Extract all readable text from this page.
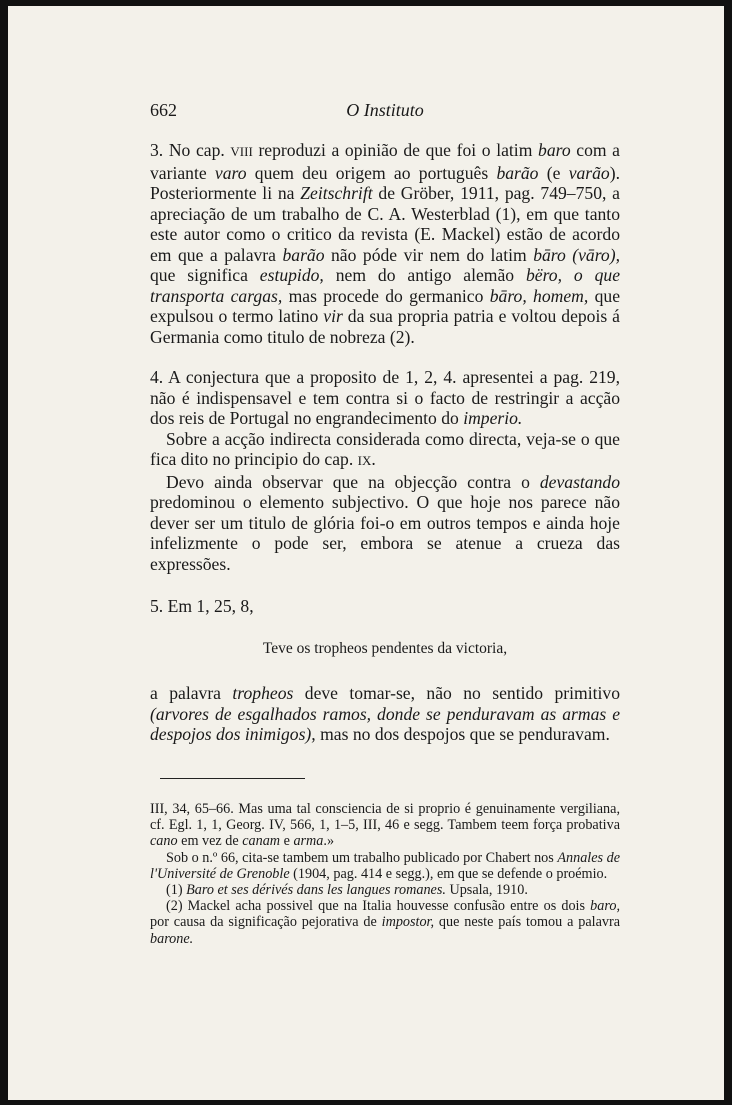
662	O Instituto

3. No cap. VIII reproduzi a opinião de que foi o latim baro com a variante varo quem deu origem ao português barão (e varão). Posteriormente li na Zeitschrift de Gröber, 1911, pag. 749–750, a apreciação de um trabalho de C. A. Westerblad (1), em que tanto este autor como o critico da revista (E. Mackel) estão de acordo em que a palavra barão não póde vir nem do latim bāro (vāro), que significa estupido, nem do antigo alemão bëro, o que transporta cargas, mas procede do germanico bāro, homem, que expulsou o termo latino vir da sua propria patria e voltou depois á Germania como titulo de nobreza (2).

4. A conjectura que a proposito de 1, 2, 4. apresentei a pag. 219, não é indispensavel e tem contra si o facto de restringir a acção dos reis de Portugal no engrandecimento do imperio.

Sobre a acção indirecta considerada como directa, veja-se o que fica dito no principio do cap. IX.

Devo ainda observar que na objecção contra o devastando predominou o elemento subjectivo. O que hoje nos parece não dever ser um titulo de glória foi-o em outros tempos e ainda hoje infelizmente o pode ser, embora se atenue a crueza das expressões.

5. Em 1, 25, 8,

Teve os tropheos pendentes da victoria,

a palavra tropheos deve tomar-se, não no sentido primitivo (arvores de esgalhados ramos, donde se penduravam as armas e despojos dos inimigos), mas no dos despojos que se penduravam.

III, 34, 65–66. Mas uma tal consciencia de si proprio é genuinamente vergiliana, cf. Egl. 1, 1, Georg. IV, 566, 1, 1–5, III, 46 e segg. Tambem teem força probativa cano em vez de canam e arma.»

Sob o n.º 66, cita-se tambem um trabalho publicado por Chabert nos Annales de l'Université de Grenoble (1904, pag. 414 e segg.), em que se defende o proémio.

(1) Baro et ses dérivés dans les langues romanes. Upsala, 1910.

(2) Mackel acha possivel que na Italia houvesse confusão entre os dois baro, por causa da significação pejorativa de impostor, que neste país tomou a palavra barone.
